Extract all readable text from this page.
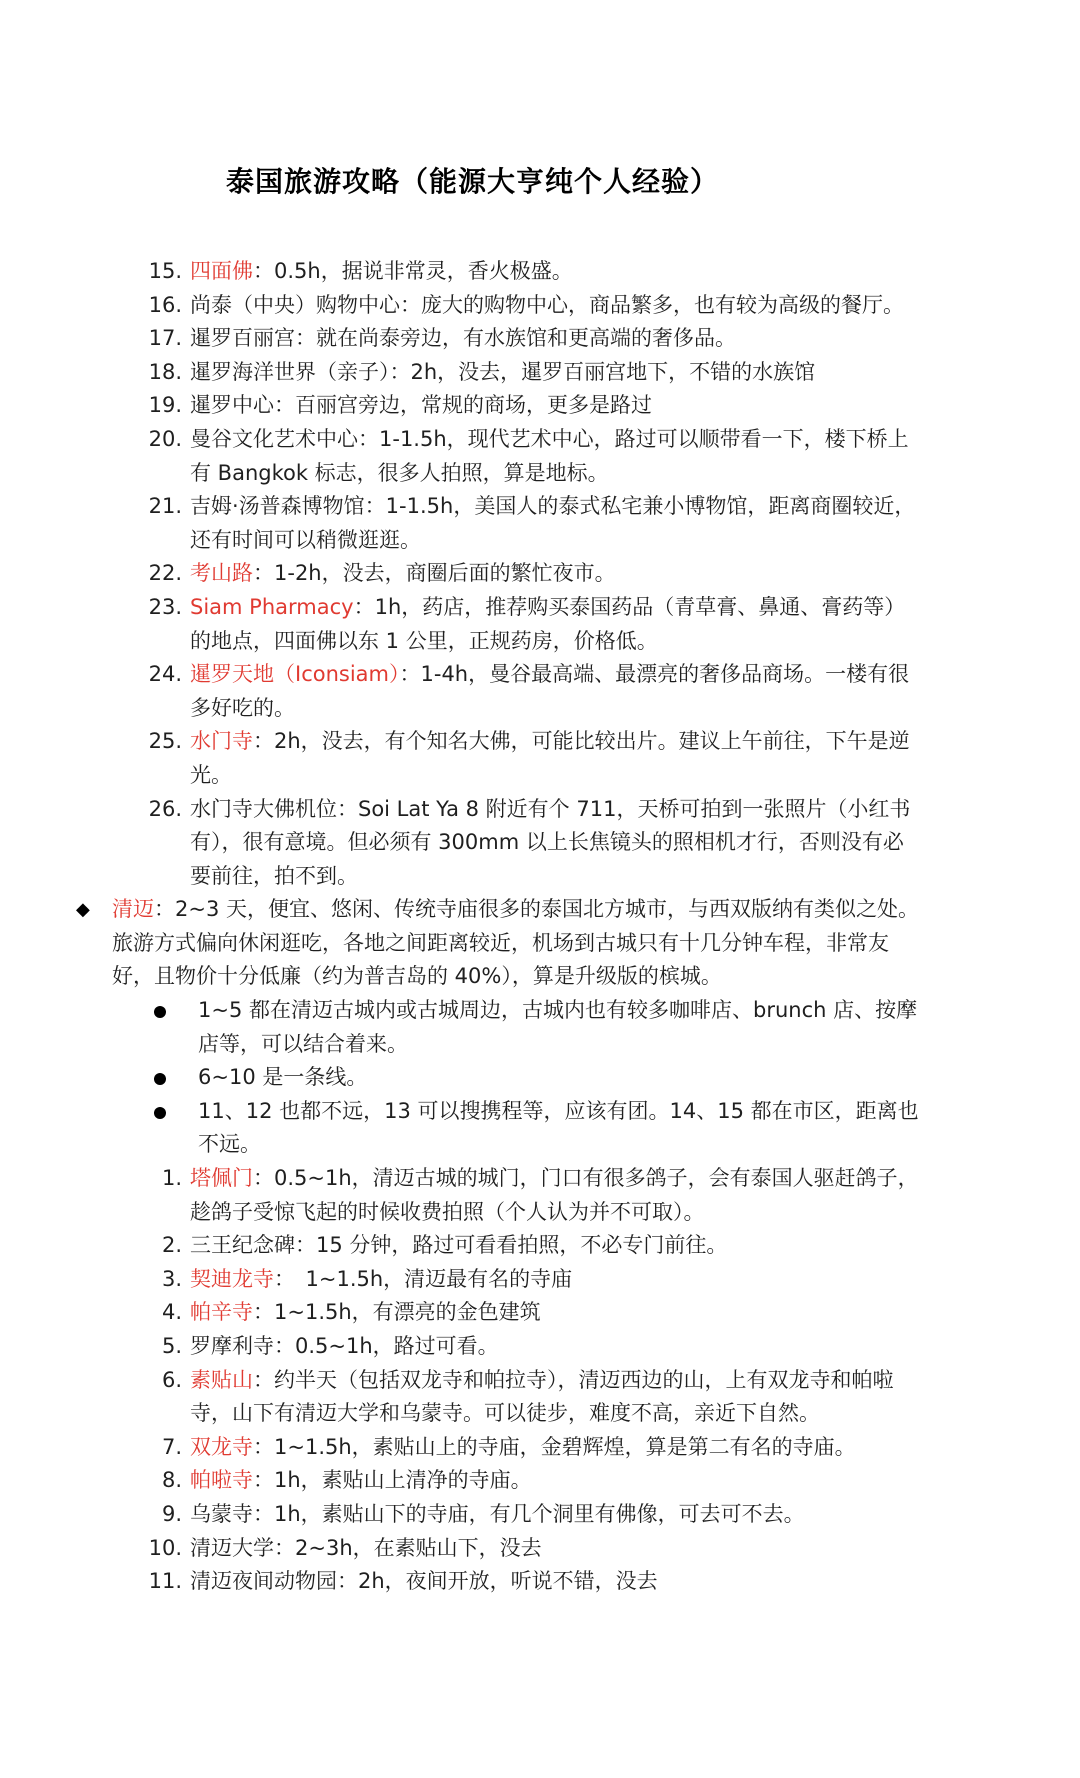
泰国旅游攻略（能源大亨纯个人经验）
15. 四面佛：0.5h，据说非常灵，香火极盛。
16. 尚泰（中央）购物中心：庞大的购物中心，商品繁多，也有较为高级的餐厅。
17. 暹罗百丽宫：就在尚泰旁边，有水族馆和更高端的奢侈品。
18. 暹罗海洋世界（亲子）：2h，没去，暹罗百丽宫地下，不错的水族馆
19. 暹罗中心：百丽宫旁边，常规的商场，更多是路过
20. 曼谷文化艺术中心：1-1.5h，现代艺术中心，路过可以顺带看一下，楼下桥上有 Bangkok 标志，很多人拍照，算是地标。
21. 吉姆·汤普森博物馆：1-1.5h，美国人的泰式私宅兼小博物馆，距离商圈较近，还有时间可以稍微逛逛。
22. 考山路：1-2h，没去，商圈后面的繁忙夜市。
23. Siam Pharmacy：1h，药店，推荐购买泰国药品（青草膏、鼻通、膏药等）的地点，四面佛以东 1 公里，正规药房，价格低。
24. 暹罗天地（Iconsiam）：1-4h，曼谷最高端、最漂亮的奢侈品商场。一楼有很多好吃的。
25. 水门寺：2h，没去，有个知名大佛，可能比较出片。建议上午前往，下午是逆光。
26. 水门寺大佛机位：Soi Lat Ya 8 附近有个 711，天桥可拍到一张照片（小红书有），很有意境。但必须有 300mm 以上长焦镜头的照相机才行，否则没有必要前往，拍不到。
◆ 清迈：2~3 天，便宜、悠闲、传统寺庙很多的泰国北方城市，与西双版纳有类似之处。旅游方式偏向休闲逛吃，各地之间距离较近，机场到古城只有十几分钟车程，非常友好，且物价十分低廉（约为普吉岛的 40%），算是升级版的槟城。
1~5 都在清迈古城内或古城周边，古城内也有较多咖啡店、brunch 店、按摩店等，可以结合着来。
6~10 是一条线。
11、12 也都不远，13 可以搜携程等，应该有团。14、15 都在市区，距离也不远。
1. 塔佩门：0.5~1h，清迈古城的城门，门口有很多鸽子，会有泰国人驱赶鸽子，趁鸽子受惊飞起的时候收费拍照（个人认为并不可取）。
2. 三王纪念碑：15 分钟，路过可看看拍照，不必专门前往。
3. 契迪龙寺：　1~1.5h，清迈最有名的寺庙
4. 帕辛寺：1~1.5h，有漂亮的金色建筑
5. 罗摩利寺：0.5~1h，路过可看。
6. 素贴山：约半天（包括双龙寺和帕拉寺），清迈西边的山，上有双龙寺和帕啦寺，山下有清迈大学和乌蒙寺。可以徒步，难度不高，亲近下自然。
7. 双龙寺：1~1.5h，素贴山上的寺庙，金碧辉煌，算是第二有名的寺庙。
8. 帕啦寺：1h，素贴山上清净的寺庙。
9. 乌蒙寺：1h，素贴山下的寺庙，有几个洞里有佛像，可去可不去。
10. 清迈大学：2~3h，在素贴山下，没去
11. 清迈夜间动物园：2h，夜间开放，听说不错，没去
